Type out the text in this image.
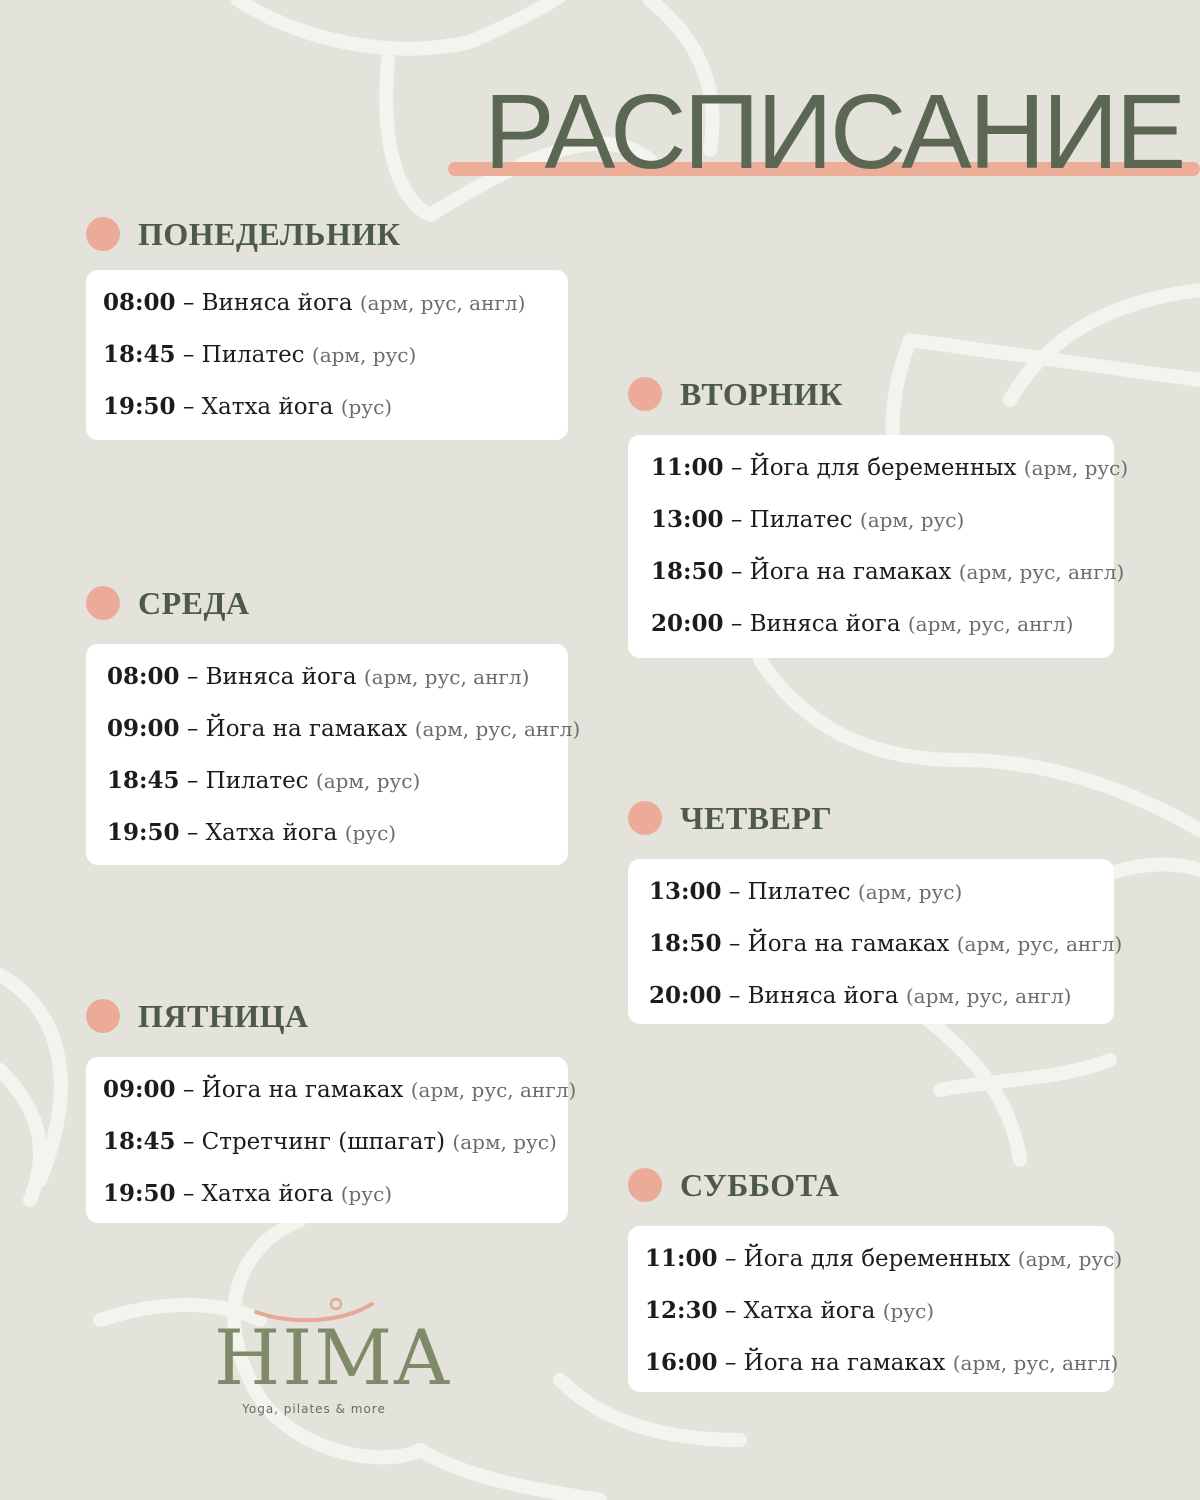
РАСПИСАНИЕ
ПОНЕДЕЛЬНИК
08:00 – Виняса йога (арм, рус, англ)
18:45 – Пилатес (арм, рус)
19:50 – Хатха йога (рус)	ВТОРНИК
11:00 – Йога для беременных (арм, рус)
13:00 – Пилатес (арм, рус)
18:50 – Йога на гамаках (арм, рус, англ)
20:00 – Виняса йога (арм, рус, англ)
СРЕДА
08:00 – Виняса йога (арм, рус, англ)
09:00 – Йога на гамаках (арм, рус, англ)
18:45 – Пилатес (арм, рус)
19:50 – Хатха йога (рус)	ЧЕТВЕРГ
13:00 – Пилатес (арм, рус)
18:50 – Йога на гамаках (арм, рус, англ)
20:00 – Виняса йога (арм, рус, англ)
ПЯТНИЦА
09:00 – Йога на гамаках (арм, рус, англ)
18:45 – Стретчинг (шпагат) (арм, рус)
19:50 – Хатха йога (рус)	СУББОТА
11:00 – Йога для беременных (арм, рус)
12:30 – Хатха йога (рус)
16:00 – Йога на гамаках (арм, рус, англ)
HIMA
Yoga, pilates & more
